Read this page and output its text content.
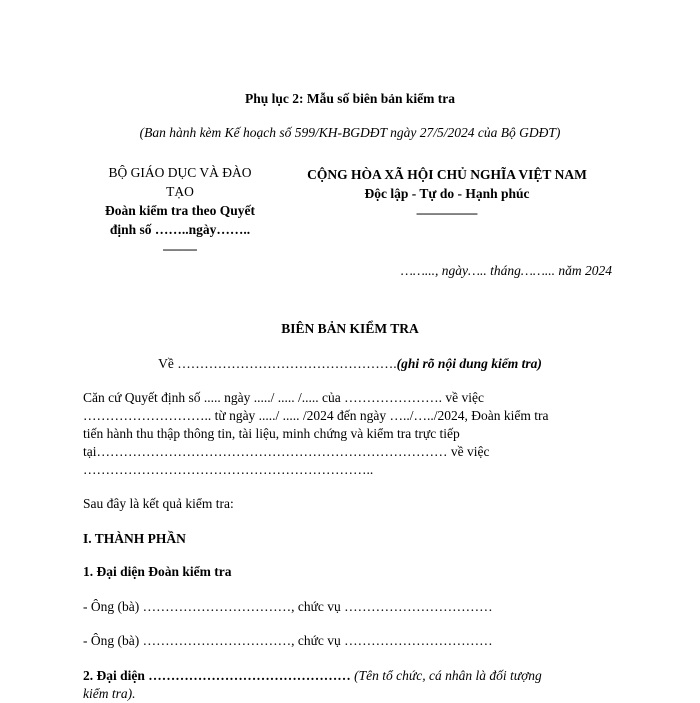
Phụ lục 2: Mẫu số biên bản kiểm tra
(Ban hành kèm Kế hoạch số 599/KH-BGDĐT ngày 27/5/2024 của Bộ GDĐT)
BỘ GIÁO DỤC VÀ ĐÀO
TẠO
Đoàn kiểm tra theo Quyết
định số ……..ngày……..
–––––
CỘNG HÒA XÃ HỘI CHỦ NGHĨA VIỆT NAM
Độc lập - Tự do - Hạnh phúc
–––––––––
……..., ngày….. tháng……... năm 2024
BIÊN BẢN KIỂM TRA
Về ………………………………………….(ghi rõ nội dung kiểm tra)
Căn cứ Quyết định số ..... ngày ...../ ..... /..... của …………………. về việc
……………………….. từ ngày ...../ ..... /2024 đến ngày …../…../2024, Đoàn kiểm tra
tiến hành thu thập thông tin, tài liệu, minh chứng và kiểm tra trực tiếp
tại…………………………………………………………………… về việc
………………………………………………………..
Sau đây là kết quả kiểm tra:
I. THÀNH PHẦN
1. Đại diện Đoàn kiểm tra
- Ông (bà) ……………………………, chức vụ ……………………………
- Ông (bà) ……………………………, chức vụ ……………………………
2. Đại diện ……………………………………… (Tên tổ chức, cá nhân là đối tượng
kiểm tra).
